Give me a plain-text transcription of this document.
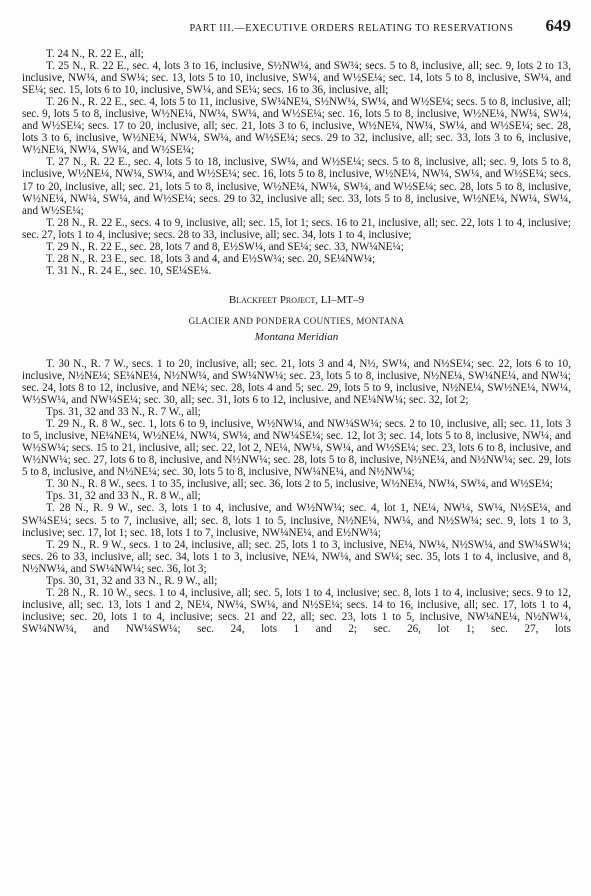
PART III.—EXECUTIVE ORDERS RELATING TO RESERVATIONS 649

T. 24 N., R. 22 E., all;

T. 25 N., R. 22 E., sec. 4, lots 3 to 16, inclusive, S½NW¼, and SW¼; secs. 5 to 8, inclusive, all; sec. 9, lots 2 to 13, inclusive, NW¼, and SW¼; sec. 13, lots 5 to 10, inclusive, SW¼, and W½SE¼; sec. 14, lots 5 to 8, inclusive, SW¼, and SE¼; sec. 15, lots 6 to 10, inclusive, SW¼, and SE¼; secs. 16 to 36, inclusive, all;

T. 26 N., R. 22 E., sec. 4, lots 5 to 11, inclusive, SW¼NE¼, S½NW¼, SW¼, and W½SE¼; secs. 5 to 8, inclusive, all; sec. 9, lots 5 to 8, inclusive, W½NE¼, NW¼, SW¼, and W½SE¼; sec. 16, lots 5 to 8, inclusive, W½NE¼, NW¼, SW¼, and W½SE¼; secs. 17 to 20, inclusive, all; sec. 21, lots 3 to 6, inclusive, W½NE¼, NW¼, SW¼, and W½SE¼; sec. 28, lots 3 to 6, inclusive, W½NE¼, NW¼, SW¼, and W½SE¼; secs. 29 to 32, inclusive, all; sec. 33, lots 3 to 6, inclusive, W½NE¼, NW¼, SW¼, and W½SE¼;

T. 27 N., R. 22 E., sec. 4, lots 5 to 18, inclusive, SW¼, and W½SE¼; secs. 5 to 8, inclusive, all; sec. 9, lots 5 to 8, inclusive, W½NE¼, NW¼, SW¼, and W½SE¼; sec. 16, lots 5 to 8, inclusive, W½NE¼, NW¼, SW¼, and W½SE¼; secs. 17 to 20, inclusive, all; sec. 21, lots 5 to 8, inclusive, W½NE¼, NW¼, SW¼, and W½SE¼; sec. 28, lots 5 to 8, inclusive, W½NE¼, NW¼, SW¼, and W½SE¼; secs. 29 to 32, inclusive all; sec. 33, lots 5 to 8, inclusive, W½NE¼, NW¼, SW¼, and W½SE¼;

T. 28 N., R. 22 E., secs. 4 to 9, inclusive, all; sec. 15, lot 1; secs. 16 to 21, inclusive, all; sec. 22, lots 1 to 4, inclusive; sec. 27, lots 1 to 4, inclusive; secs. 28 to 33, inclusive, all; sec. 34, lots 1 to 4, inclusive;

T. 29 N., R. 22 E., sec. 28, lots 7 and 8, E½SW¼, and SE¼; sec. 33, NW¼NE¼;

T. 28 N., R. 23 E., sec. 18, lots 3 and 4, and E½SW¼; sec. 20, SE¼NW¼;

T. 31 N., R. 24 E., sec. 10, SE¼SE¼.

Blackfeet Project, LI–MT–9

GLACIER AND PONDERA COUNTIES, MONTANA

Montana Meridian

T. 30 N., R. 7 W., secs. 1 to 20, inclusive, all; sec. 21, lots 3 and 4, N½, SW¼, and N½SE¼; sec. 22, lots 6 to 10, inclusive, N½NE¼; SE¼NE¼, N½NW¼, and SW¼NW¼; sec. 23, lots 5 to 8, inclusive, N½NE¼, SW¼NE¼, and NW¼; sec. 24, lots 8 to 12, inclusive, and NE¼; sec. 28, lots 4 and 5; sec. 29, lots 5 to 9, inclusive, N½NE¼, SW½NE¼, NW¼, W½SW¼, and NW¼SE¼; sec. 30, all; sec. 31, lots 6 to 12, inclusive, and NE¼NW¼; sec. 32, lot 2;

Tps. 31, 32 and 33 N., R. 7 W., all;

T. 29 N., R. 8 W., sec. 1, lots 6 to 9, inclusive, W½NW¼, and NW¼SW¼; secs. 2 to 10, inclusive, all; sec. 11, lots 3 to 5, inclusive, NE¼NE¼, W½NE¼, NW¼, SW¼, and NW¼SE¼; sec. 12, lot 3; sec. 14, lots 5 to 8, inclusive, NW¼, and W½SW¼; secs. 15 to 21, inclusive, all; sec. 22, lot 2, NE¼, NW¼, SW¼, and W½SE¼; sec. 23, lots 6 to 8, inclusive, and W½NW¼; sec. 27, lots 6 to 8, inclusive, and N½NW¼; sec. 28, lots 5 to 8, inclusive, N½NE¼, and N½NW¼; sec. 29, lots 5 to 8, inclusive, and N½NE¼; sec. 30, lots 5 to 8, inclusive, NW¼NE¼, and N½NW¼;

T. 30 N., R. 8 W., secs. 1 to 35, inclusive, all; sec. 36, lots 2 to 5, inclusive, W½NE¼, NW¼, SW¼, and W½SE¼;

Tps. 31, 32 and 33 N., R. 8 W., all;

T. 28 N., R. 9 W., sec. 3, lots 1 to 4, inclusive, and W½NW¼; sec. 4, lot 1, NE¼, NW¼, SW¼, N½SE¼, and SW¼SE¼; secs. 5 to 7, inclusive, all; sec. 8, lots 1 to 5, inclusive, N½NE¼, NW¼, and N½SW¼; sec. 9, lots 1 to 3, inclusive; sec. 17, lot 1; sec. 18, lots 1 to 7, inclusive, NW¼NE¼, and E½NW¼;

T. 29 N., R. 9 W., secs. 1 to 24, inclusive, all; sec. 25, lots 1 to 3, inclusive, NE¼, NW¼, N½SW¼, and SW¼SW¼; secs. 26 to 33, inclusive, all; sec. 34, lots 1 to 3, inclusive, NE¼, NW¼, and SW¼; sec. 35, lots 1 to 4, inclusive, and 8, N½NW¼, and SW¼NW¼; sec. 36, lot 3;

Tps. 30, 31, 32 and 33 N., R. 9 W., all;

T. 28 N., R. 10 W., secs. 1 to 4, inclusive, all; sec. 5, lots 1 to 4, inclusive; sec. 8, lots 1 to 4, inclusive; secs. 9 to 12, inclusive, all; sec. 13, lots 1 and 2, NE¼, NW¼, SW¼, and N½SE¼; secs. 14 to 16, inclusive, all; sec. 17, lots 1 to 4, inclusive; sec. 20, lots 1 to 4, inclusive; secs. 21 and 22, all; sec. 23, lots 1 to 5, inclusive, NW¼NE¼, N½NW¼, SW¼NW¼, and NW¼SW¼; sec. 24, lots 1 and 2; sec. 26, lot 1; sec. 27, lots
